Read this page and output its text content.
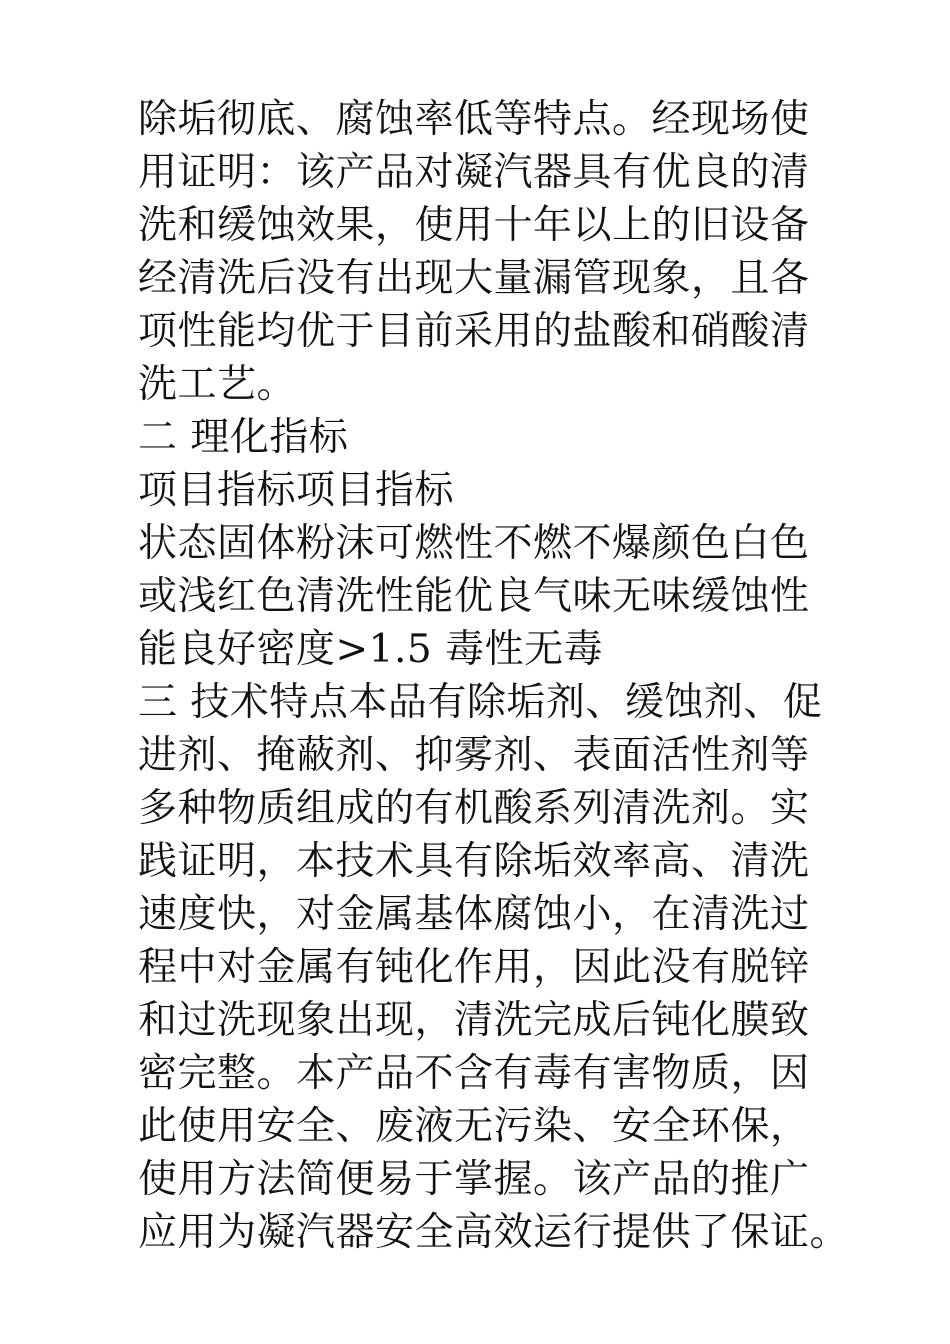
除垢彻底、腐蚀率低等特点。经现场使
用证明：该产品对凝汽器具有优良的清
洗和缓蚀效果，使用十年以上的旧设备
经清洗后没有出现大量漏管现象，且各
项性能均优于目前采用的盐酸和硝酸清
洗工艺。
二 理化指标
项目指标项目指标
状态固体粉沫可燃性不燃不爆颜色白色
或浅红色清洗性能优良气味无味缓蚀性
能良好密度>1.5 毒性无毒
三 技术特点本品有除垢剂、缓蚀剂、促
进剂、掩蔽剂、抑雾剂、表面活性剂等
多种物质组成的有机酸系列清洗剂。实
践证明，本技术具有除垢效率高、清洗
速度快，对金属基体腐蚀小，在清洗过
程中对金属有钝化作用，因此没有脱锌
和过洗现象出现，清洗完成后钝化膜致
密完整。本产品不含有毒有害物质，因
此使用安全、废液无污染、安全环保，
使用方法简便易于掌握。该产品的推广
应用为凝汽器安全高效运行提供了保证。
